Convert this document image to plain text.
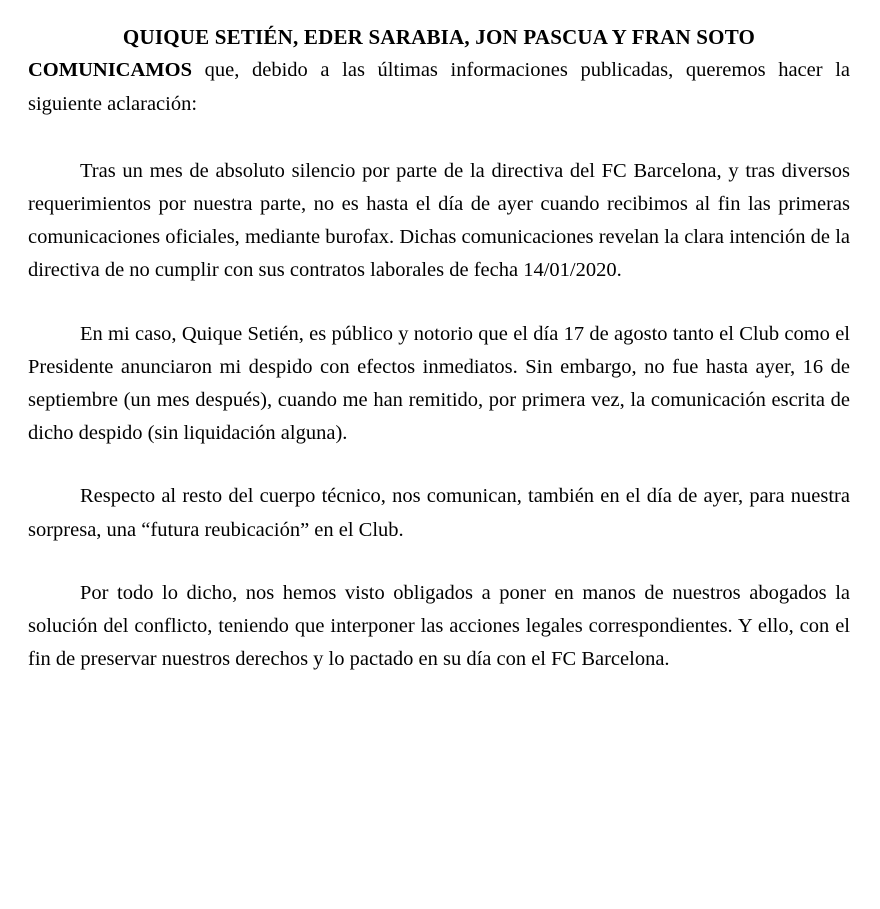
QUIQUE SETIÉN, EDER SARABIA, JON PASCUA Y FRAN SOTO

COMUNICAMOS que, debido a las últimas informaciones publicadas, queremos hacer la siguiente aclaración:

Tras un mes de absoluto silencio por parte de la directiva del FC Barcelona, y tras diversos requerimientos por nuestra parte, no es hasta el día de ayer cuando recibimos al fin las primeras comunicaciones oficiales, mediante burofax. Dichas comunicaciones revelan la clara intención de la directiva de no cumplir con sus contratos laborales de fecha 14/01/2020.

En mi caso, Quique Setién, es público y notorio que el día 17 de agosto tanto el Club como el Presidente anunciaron mi despido con efectos inmediatos. Sin embargo, no fue hasta ayer, 16 de septiembre (un mes después), cuando me han remitido, por primera vez, la comunicación escrita de dicho despido (sin liquidación alguna).

Respecto al resto del cuerpo técnico, nos comunican, también en el día de ayer, para nuestra sorpresa, una “futura reubicación” en el Club.

Por todo lo dicho, nos hemos visto obligados a poner en manos de nuestros abogados la solución del conflicto, teniendo que interponer las acciones legales correspondientes. Y ello, con el fin de preservar nuestros derechos y lo pactado en su día con el FC Barcelona.
